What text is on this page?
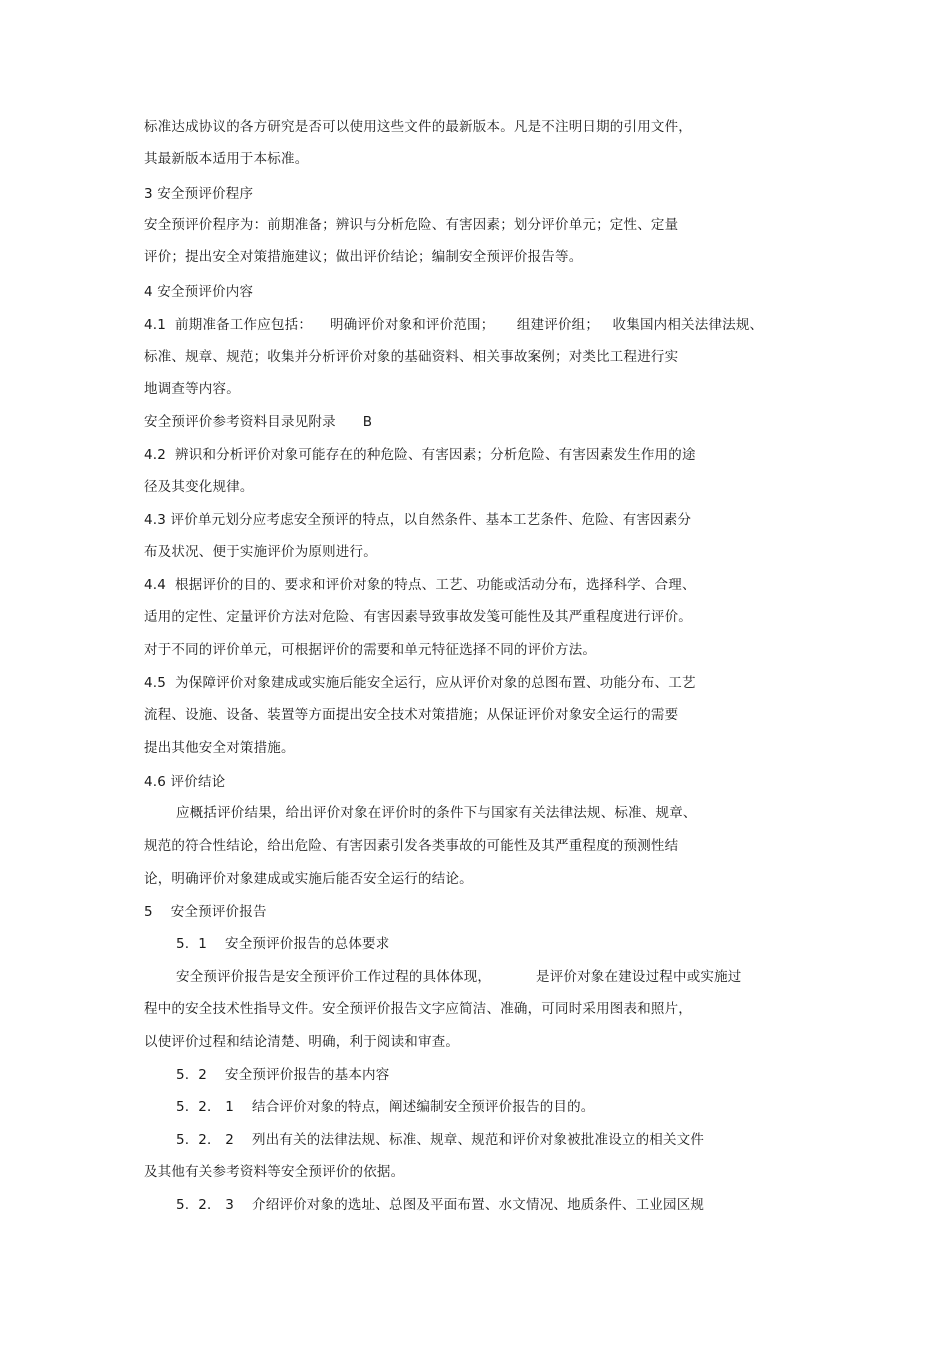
标准达成协议的各方研究是否可以使用这些文件的最新版本。凡是不注明日期的引用文件，
其最新版本适用于本标准。
3 安全预评价程序
安全预评价程序为：前期准备；辨识与分析危险、有害因素；划分评价单元；定性、定量
评价；提出安全对策措施建议；做出评价结论；编制安全预评价报告等。
4 安全预评价内容
4.1  前期准备工作应包括：    明确评价对象和评价范围；     组建评价组；   收集国内相关法律法规、
标准、规章、规范；收集并分析评价对象的基础资料、相关事故案例；对类比工程进行实
地调查等内容。
安全预评价参考资料目录见附录      B
4.2  辨识和分析评价对象可能存在的种危险、有害因素；分析危险、有害因素发生作用的途
径及其变化规律。
4.3 评价单元划分应考虑安全预评的特点，以自然条件、基本工艺条件、危险、有害因素分
布及状况、便于实施评价为原则进行。
4.4  根据评价的目的、要求和评价对象的特点、工艺、功能或活动分布，选择科学、合理、
适用的定性、定量评价方法对危险、有害因素导致事故发笺可能性及其严重程度进行评价。
对于不同的评价单元，可根据评价的需要和单元特征选择不同的评价方法。
4.5  为保障评价对象建成或实施后能安全运行，应从评价对象的总图布置、功能分布、工艺
流程、设施、设备、装置等方面提出安全技术对策措施；从保证评价对象安全运行的需要
提出其他安全对策措施。
4.6 评价结论
应概括评价结果，给出评价对象在评价时的条件下与国家有关法律法规、标准、规章、
规范的符合性结论，给出危险、有害因素引发各类事故的可能性及其严重程度的预测性结
论，明确评价对象建成或实施后能否安全运行的结论。
5    安全预评价报告
5.  1    安全预评价报告的总体要求
安全预评价报告是安全预评价工作过程的具体体现，          是评价对象在建设过程中或实施过
程中的安全技术性指导文件。安全预评价报告文字应简洁、准确，可同时采用图表和照片，
以使评价过程和结论清楚、明确，利于阅读和审查。
5.  2    安全预评价报告的基本内容
5.  2． 1    结合评价对象的特点，阐述编制安全预评价报告的目的。
5.  2． 2    列出有关的法律法规、标准、规章、规范和评价对象被批准设立的相关文件
及其他有关参考资料等安全预评价的依据。
5.  2． 3    介绍评价对象的选址、总图及平面布置、水文情况、地质条件、工业园区规
